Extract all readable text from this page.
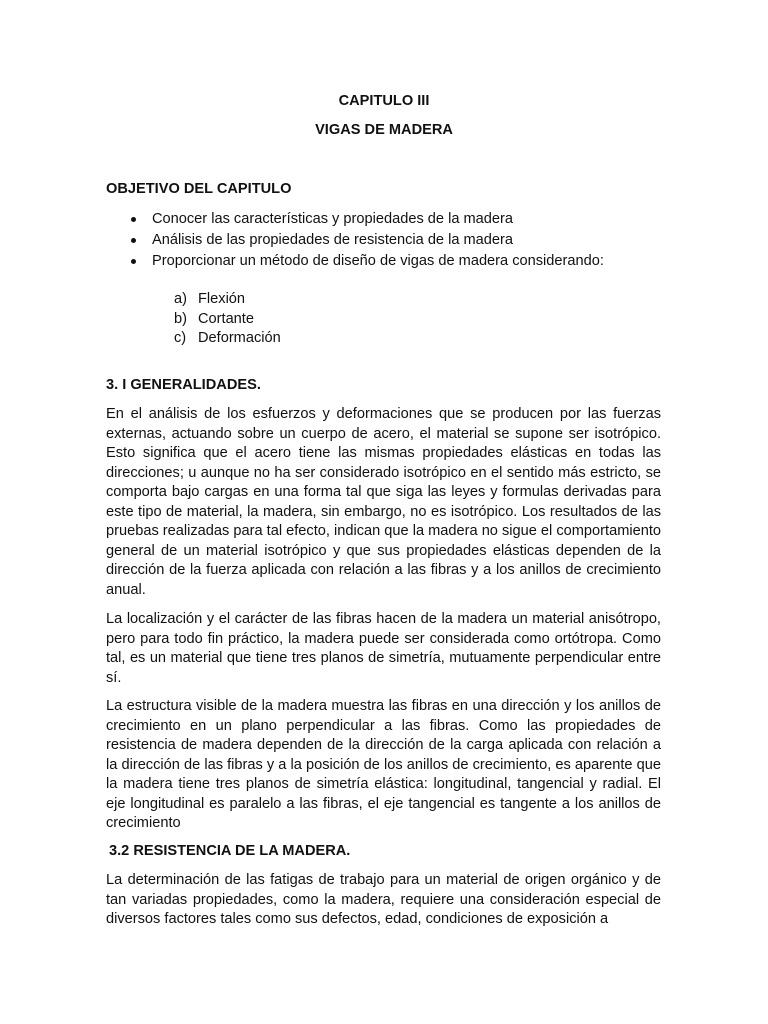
CAPITULO III
VIGAS DE MADERA
OBJETIVO DEL CAPITULO
Conocer las características y propiedades de la madera
Análisis de las propiedades de resistencia de la madera
Proporcionar un método de diseño de vigas de madera considerando:
a) Flexión
b) Cortante
c) Deformación
3. I GENERALIDADES.

En el análisis de los esfuerzos y deformaciones que se producen por las fuerzas externas, actuando sobre un cuerpo de acero, el material se supone ser isotrópico. Esto significa que el acero tiene las mismas propiedades elásticas en todas las direcciones; u aunque no ha ser considerado isotrópico en el sentido más estricto, se comporta bajo cargas en una forma tal que siga las leyes y formulas derivadas para este tipo de material, la madera, sin embargo, no es isotrópico. Los resultados de las pruebas realizadas para tal efecto, indican que la madera no sigue el comportamiento general de un material isotrópico y que sus propiedades elásticas dependen de la dirección de la fuerza aplicada con relación a las fibras y a los anillos de crecimiento anual.

La localización y el carácter de las fibras hacen de la madera un material anisótropo, pero para todo fin práctico, la madera puede ser considerada como ortótropa. Como tal, es un material que tiene tres planos de simetría, mutuamente perpendicular entre sí.

La estructura visible de la madera muestra las fibras en una dirección y los anillos de crecimiento en un plano perpendicular a las fibras. Como las propiedades de resistencia de madera dependen de la dirección de la carga aplicada con relación a la dirección de las fibras y a la posición de los anillos de crecimiento, es aparente que la madera tiene tres planos de simetría elástica: longitudinal, tangencial y radial. El eje longitudinal es paralelo a las fibras, el eje tangencial es tangente a los anillos de crecimiento

3.2 RESISTENCIA DE LA MADERA.

La determinación de las fatigas de trabajo para un material de origen orgánico y de tan variadas propiedades, como la madera, requiere una consideración especial de diversos factores tales como sus defectos, edad, condiciones de exposición a
